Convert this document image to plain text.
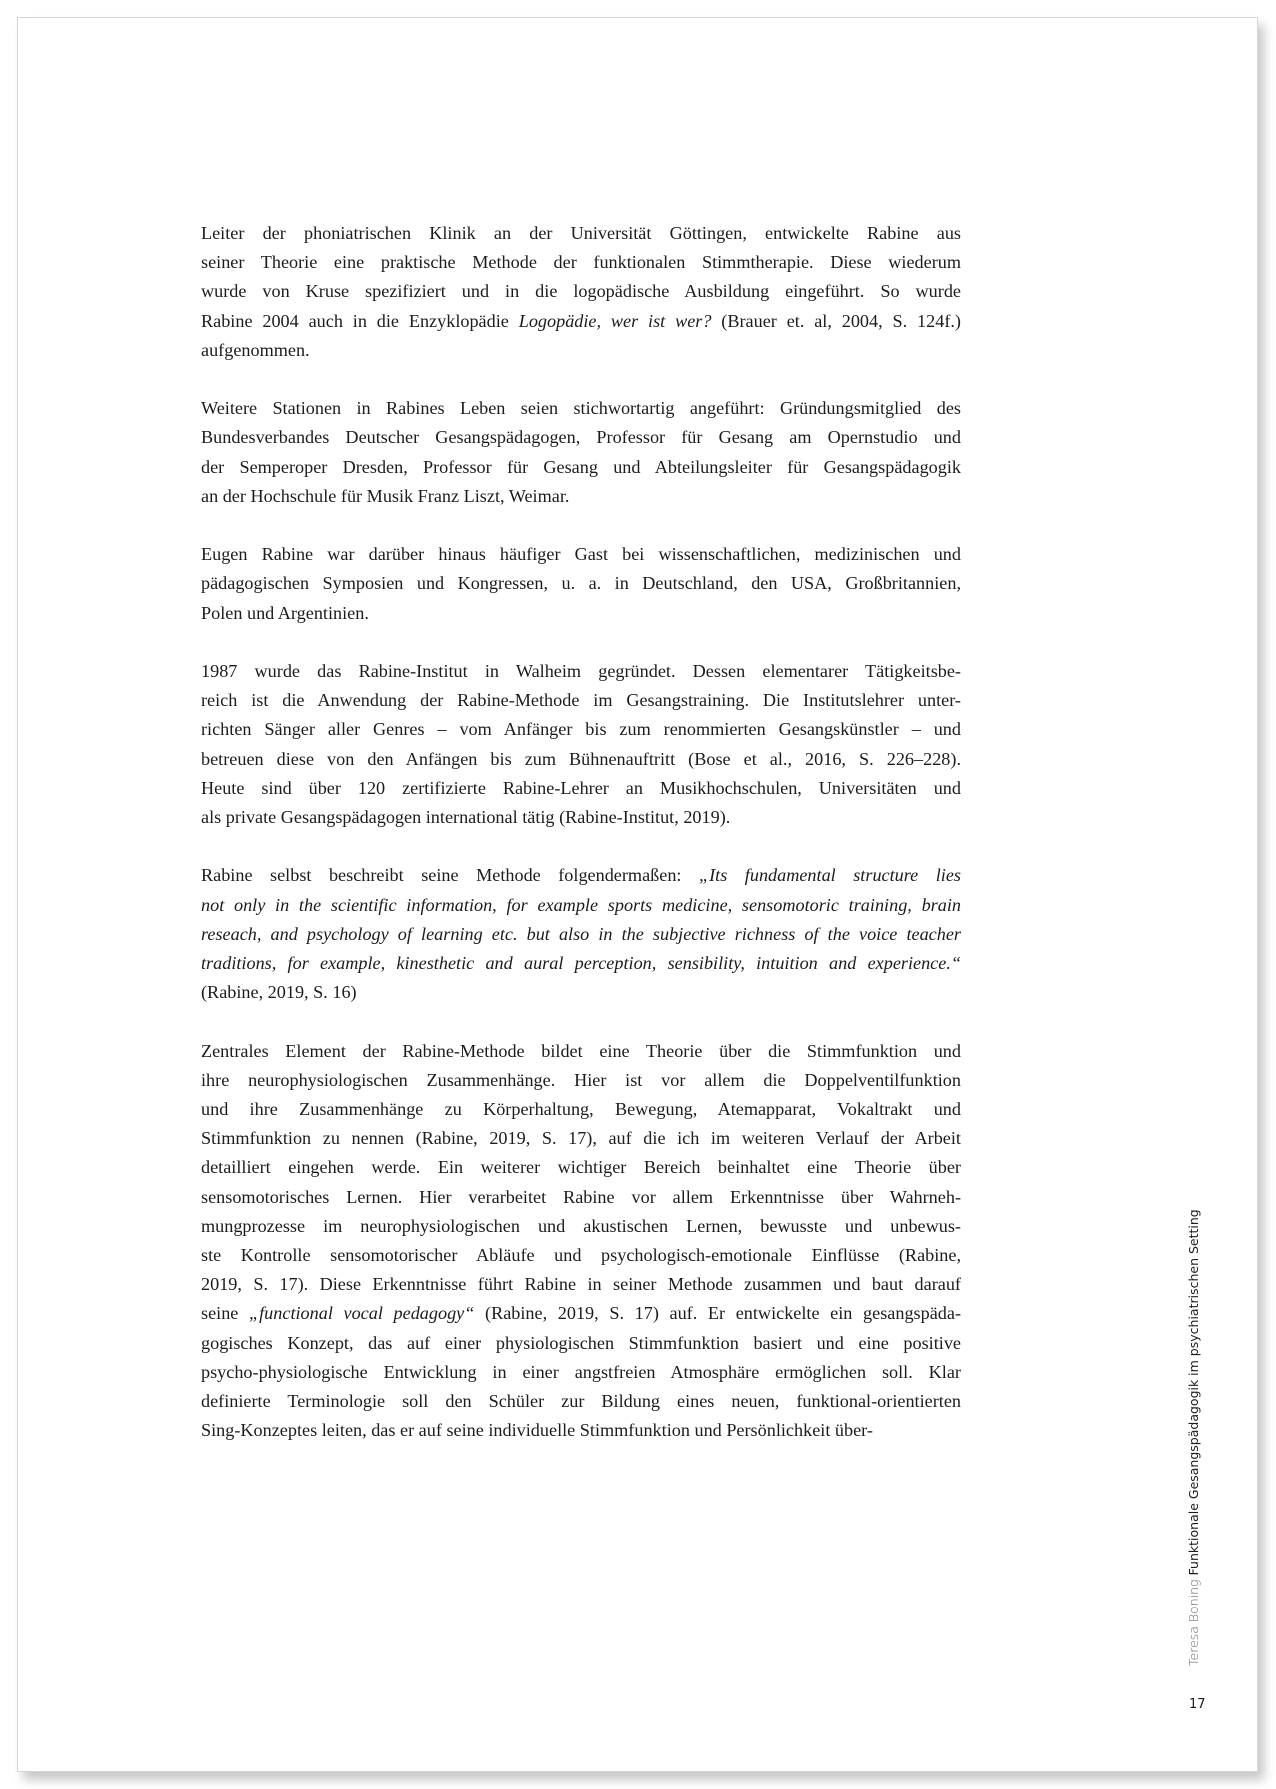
Leiter der phoniatrischen Klinik an der Universität Göttingen, entwickelte Rabine aus
seiner Theorie eine praktische Methode der funktionalen Stimmtherapie. Diese wiederum
wurde von Kruse spezifiziert und in die logopädische Ausbildung eingeführt. So wurde
Rabine 2004 auch in die Enzyklopädie Logopädie, wer ist wer? (Brauer et. al, 2004, S. 124f.)
aufgenommen.

Weitere Stationen in Rabines Leben seien stichwortartig angeführt: Gründungsmitglied des
Bundesverbandes Deutscher Gesangspädagogen, Professor für Gesang am Opernstudio und
der Semperoper Dresden, Professor für Gesang und Abteilungsleiter für Gesangspädagogik
an der Hochschule für Musik Franz Liszt, Weimar.

Eugen Rabine war darüber hinaus häufiger Gast bei wissenschaftlichen, medizinischen und
pädagogischen Symposien und Kongressen, u. a. in Deutschland, den USA, Großbritannien,
Polen und Argentinien.

1987 wurde das Rabine-Institut in Walheim gegründet. Dessen elementarer Tätigkeitsbe-
reich ist die Anwendung der Rabine-Methode im Gesangstraining. Die Institutslehrer unter-
richten Sänger aller Genres – vom Anfänger bis zum renommierten Gesangskünstler – und
betreuen diese von den Anfängen bis zum Bühnenauftritt (Bose et al., 2016, S. 226–228).
Heute sind über 120 zertifizierte Rabine-Lehrer an Musikhochschulen, Universitäten und
als private Gesangspädagogen international tätig (Rabine-Institut, 2019).

Rabine selbst beschreibt seine Methode folgendermaßen: „Its fundamental structure lies
not only in the scientific information, for example sports medicine, sensomotoric training, brain
reseach, and psychology of learning etc. but also in the subjective richness of the voice teacher
traditions, for example, kinesthetic and aural perception, sensibility, intuition and experience.“
(Rabine, 2019, S. 16)

Zentrales Element der Rabine-Methode bildet eine Theorie über die Stimmfunktion und
ihre neurophysiologischen Zusammenhänge. Hier ist vor allem die Doppelventilfunktion
und ihre Zusammenhänge zu Körperhaltung, Bewegung, Atemapparat, Vokaltrakt und
Stimmfunktion zu nennen (Rabine, 2019, S. 17), auf die ich im weiteren Verlauf der Arbeit
detailliert eingehen werde. Ein weiterer wichtiger Bereich beinhaltet eine Theorie über
sensomotorisches Lernen. Hier verarbeitet Rabine vor allem Erkenntnisse über Wahrneh-
mungprozesse im neurophysiologischen und akustischen Lernen, bewusste und unbewus-
ste Kontrolle sensomotorischer Abläufe und psychologisch-emotionale Einflüsse (Rabine,
2019, S. 17). Diese Erkenntnisse führt Rabine in seiner Methode zusammen und baut darauf
seine „functional vocal pedagogy“ (Rabine, 2019, S. 17) auf. Er entwickelte ein gesangspäda-
gogisches Konzept, das auf einer physiologischen Stimmfunktion basiert und eine positive
psycho-physiologische Entwicklung in einer angstfreien Atmosphäre ermöglichen soll. Klar
definierte Terminologie soll den Schüler zur Bildung eines neuen, funktional-orientierten
Sing-Konzeptes leiten, das er auf seine individuelle Stimmfunktion und Persönlichkeit über-

Teresa Boning Funktionale Gesangspädagogik im psychiatrischen Setting
17
